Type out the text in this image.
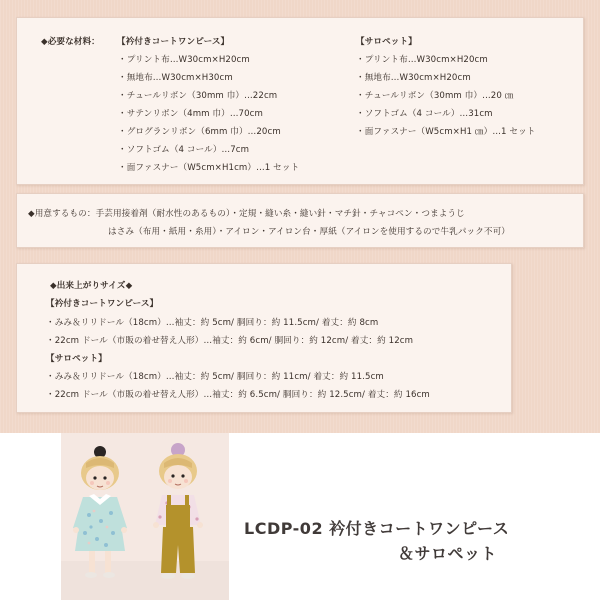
◆必要な材料： 【衿付きコートワンピース】
・プリント布…W30cm×H20cm
・無地布…W30cm×H30cm
・チュールリボン（30mm 巾）…22cm
・サテンリボン（4mm 巾）…70cm
・グログランリボン（6mm 巾）…20cm
・ソフトゴム（4 コール）…7cm
・面ファスナー（W5cm×H1cm）…1 セット
【サロペット】
・プリント布…W30cm×H20cm
・無地布…W30cm×H20cm
・チュールリボン（30mm 巾）…20 ㎝
・ソフトゴム（4 コール）…31cm
・面ファスナー（W5cm×H1 ㎝）…1 セット
◆用意するもの：手芸用接着剤（耐水性のあるもの）・定規・縫い糸・縫い針・マチ針・チャコペン・つまようじ
はさみ（布用・紙用・糸用）・アイロン・アイロン台・厚紙（アイロンを使用するので牛乳パック不可）
◆出来上がりサイズ◆
【衿付きコートワンピース】
・みみ＆リリドール（18cm）…袖丈：約 5cm/ 胴回り：約 11.5cm/ 着丈：約 8cm
・22cm ドール（市販の着せ替え人形）…袖丈：約 6cm/ 胴回り：約 12cm/ 着丈：約 12cm
【サロペット】
・みみ＆リリドール（18cm）…袖丈：約 5cm/ 胴回り：約 11cm/ 着丈：約 11.5cm
・22cm ドール（市販の着せ替え人形）…袖丈：約 6.5cm/ 胴回り：約 12.5cm/ 着丈：約 16cm
LCDP-02 衿付きコートワンピース
＆サロペット
